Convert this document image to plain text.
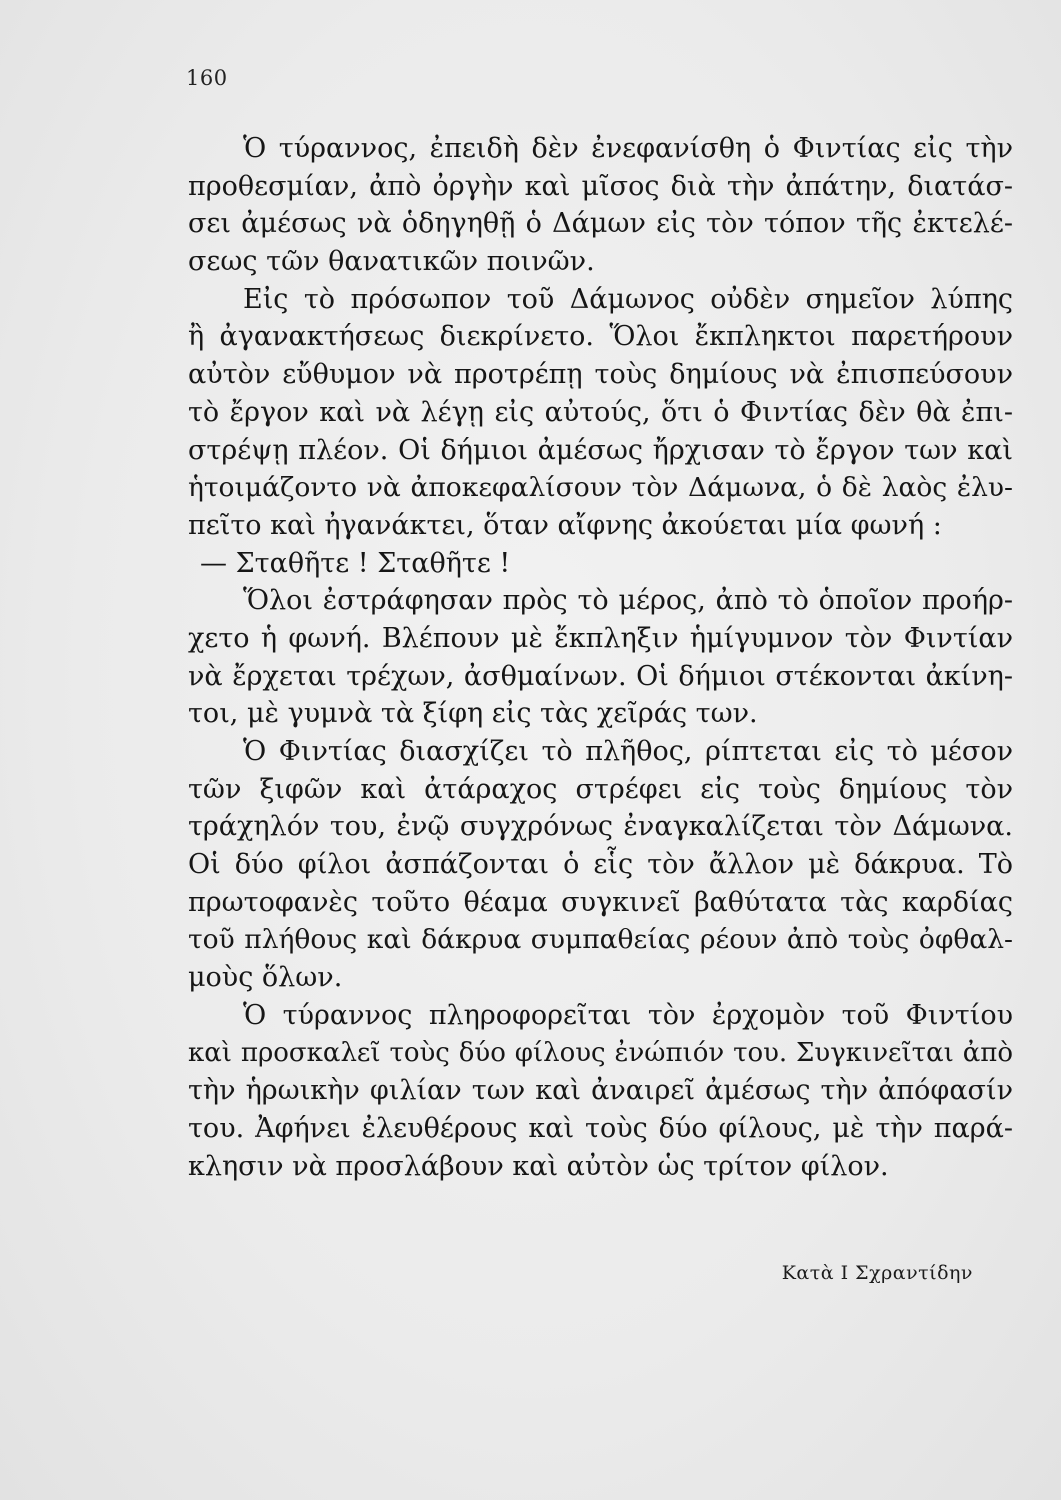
160
Ὁ τύραννος, ἐπειδὴ δὲν ἐνεφανίσθη ὁ Φιντίας εἰς τὴν
προθεσμίαν, ἀπὸ ὀργὴν καὶ μῖσος διὰ τὴν ἀπάτην, διατάσ-
σει ἀμέσως νὰ ὁδηγηθῇ ὁ Δάμων εἰς τὸν τόπον τῆς ἐκτελέ-
σεως τῶν θανατικῶν ποινῶν.
Εἰς τὸ πρόσωπον τοῦ Δάμωνος οὐδὲν σημεῖον λύπης
ἢ ἀγανακτήσεως διεκρίνετο. Ὅλοι ἔκπληκτοι παρετήρουν
αὐτὸν εὔθυμον νὰ προτρέπῃ τοὺς δημίους νὰ ἐπισπεύσουν
τὸ ἔργον καὶ νὰ λέγῃ εἰς αὐτούς, ὅτι ὁ Φιντίας δὲν θὰ ἐπι-
στρέψῃ πλέον. Οἱ δήμιοι ἀμέσως ἤρχισαν τὸ ἔργον των καὶ
ἡτοιμάζοντο νὰ ἀποκεφαλίσουν τὸν Δάμωνα, ὁ δὲ λαὸς ἐλυ-
πεῖτο καὶ ἠγανάκτει, ὅταν αἴφνης ἀκούεται μία φωνή :
— Σταθῆτε ! Σταθῆτε !
Ὅλοι ἐστράφησαν πρὸς τὸ μέρος, ἀπὸ τὸ ὁποῖον προήρ-
χετο ἡ φωνή. Βλέπουν μὲ ἔκπληξιν ἡμίγυμνον τὸν Φιντίαν
νὰ ἔρχεται τρέχων, ἀσθμαίνων. Οἱ δήμιοι στέκονται ἀκίνη-
τοι, μὲ γυμνὰ τὰ ξίφη εἰς τὰς χεῖράς των.
Ὁ Φιντίας διασχίζει τὸ πλῆθος, ρίπτεται εἰς τὸ μέσον
τῶν ξιφῶν καὶ ἀτάραχος στρέφει εἰς τοὺς δημίους τὸν
τράχηλόν του, ἐνῷ συγχρόνως ἐναγκαλίζεται τὸν Δάμωνα.
Οἱ δύο φίλοι ἀσπάζονται ὁ εἷς τὸν ἄλλον μὲ δάκρυα. Τὸ
πρωτοφανὲς τοῦτο θέαμα συγκινεῖ βαθύτατα τὰς καρδίας
τοῦ πλήθους καὶ δάκρυα συμπαθείας ρέουν ἀπὸ τοὺς ὀφθαλ-
μοὺς ὅλων.
Ὁ τύραννος πληροφορεῖται τὸν ἐρχομὸν τοῦ Φιντίου
καὶ προσκαλεῖ τοὺς δύο φίλους ἐνώπιόν του. Συγκινεῖται ἀπὸ
τὴν ἡρωικὴν φιλίαν των καὶ ἀναιρεῖ ἀμέσως τὴν ἀπόφασίν
του. Ἀφήνει ἐλευθέρους καὶ τοὺς δύο φίλους, μὲ τὴν παρά-
κλησιν νὰ προσλάβουν καὶ αὐτὸν ὡς τρίτον φίλον.
Κατὰ Ι Σχραντίδην
